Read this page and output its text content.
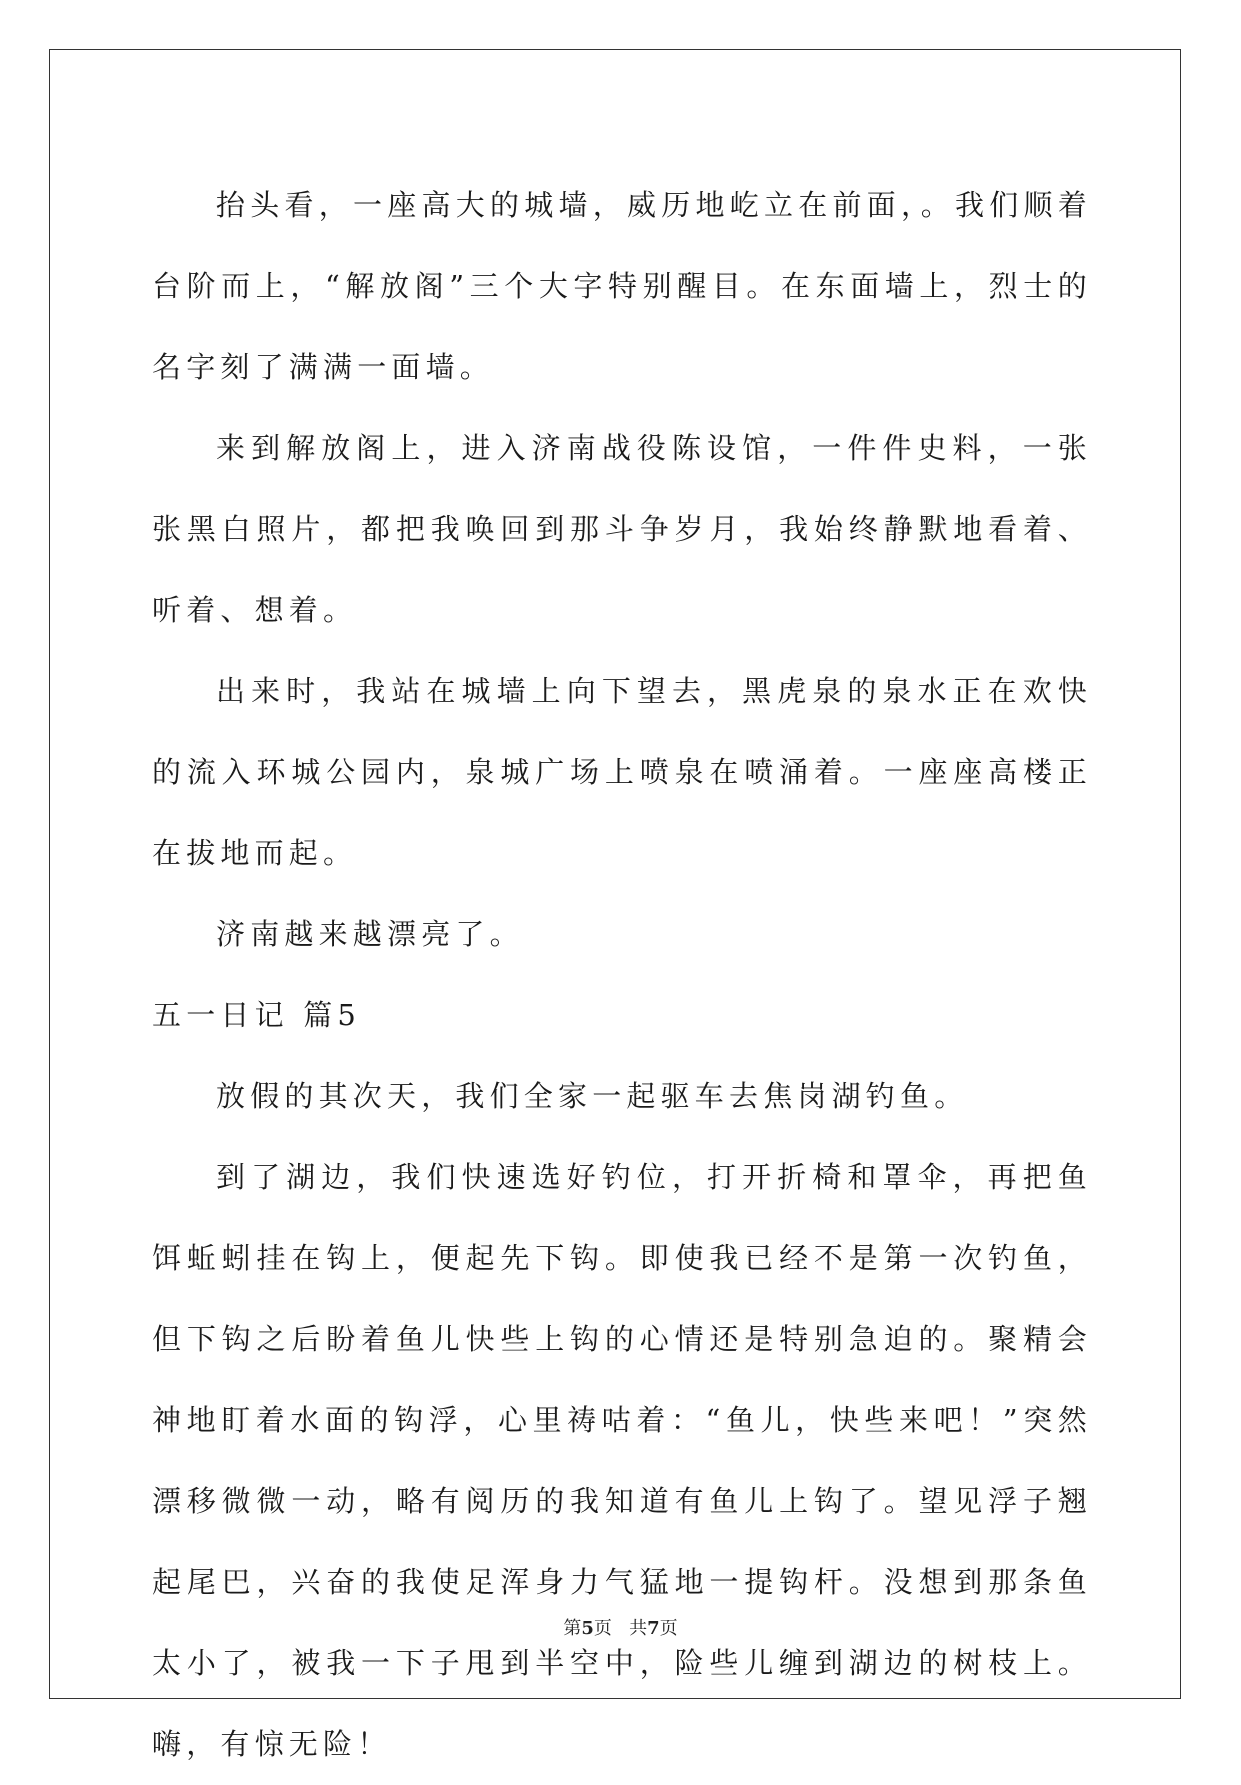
抬头看，一座高大的城墙，威历地屹立在前面，。我们顺着台阶而上，“解放阁”三个大字特别醒目。在东面墙上，烈士的名字刻了满满一面墙。

来到解放阁上，进入济南战役陈设馆，一件件史料，一张张黑白照片，都把我唤回到那斗争岁月，我始终静默地看着、听着、想着。

出来时，我站在城墙上向下望去，黑虎泉的泉水正在欢快的流入环城公园内，泉城广场上喷泉在喷涌着。一座座高楼正在拔地而起。

济南越来越漂亮了。

五一日记 篇5

放假的其次天，我们全家一起驱车去焦岗湖钓鱼。

到了湖边，我们快速选好钓位，打开折椅和罩伞，再把鱼饵蚯蚓挂在钩上，便起先下钩。即使我已经不是第一次钓鱼，但下钩之后盼着鱼儿快些上钩的心情还是特别急迫的。聚精会神地盯着水面的钩浮，心里祷咕着：“鱼儿，快些来吧！”突然漂移微微一动，略有阅历的我知道有鱼儿上钩了。望见浮子翘起尾巴，兴奋的我使足浑身力气猛地一提钩杆。没想到那条鱼太小了，被我一下子甩到半空中，险些儿缠到湖边的树枝上。嗨，有惊无险！

第5页 共7页
